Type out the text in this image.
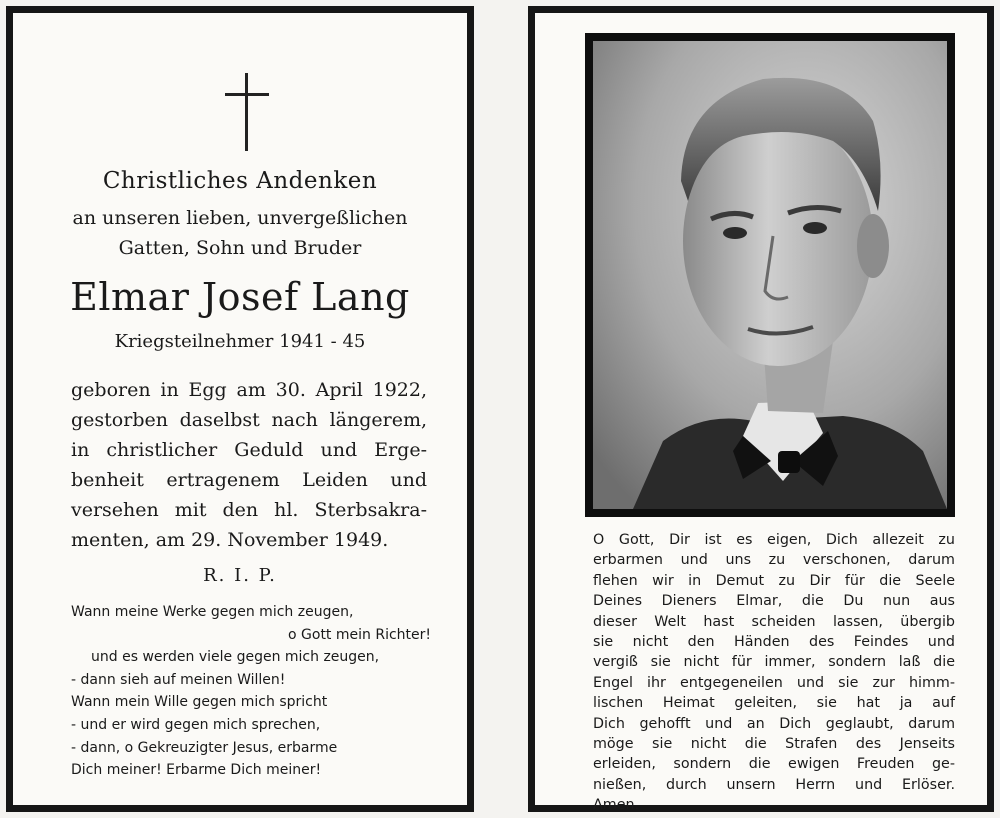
Christliches Andenken
an unseren lieben, unvergeßlichen
Gatten, Sohn und Bruder
Elmar Josef Lang
Kriegsteilnehmer 1941 - 45
geboren in Egg am 30. April 1922,
gestorben daselbst nach längerem,
in christlicher Geduld und Erge-
benheit ertragenem Leiden und
versehen mit den hl. Sterbsakra-
menten, am 29. November 1949.
R. I. P.
Wann meine Werke gegen mich zeugen,
o Gott mein Richter!
und es werden viele gegen mich zeugen,
- dann sieh auf meinen Willen!
Wann mein Wille gegen mich spricht
- und er wird gegen mich sprechen,
- dann, o Gekreuzigter Jesus, erbarme
Dich meiner! Erbarme Dich meiner!
O Gott, Dir ist es eigen, Dich allezeit zu
erbarmen und uns zu verschonen, darum
flehen wir in Demut zu Dir für die Seele
Deines Dieners Elmar, die Du nun aus
dieser Welt hast scheiden lassen, übergib
sie nicht den Händen des Feindes und
vergiß sie nicht für immer, sondern laß die
Engel ihr entgegeneilen und sie zur himm-
lischen Heimat geleiten, sie hat ja auf
Dich gehofft und an Dich geglaubt, darum
möge sie nicht die Strafen des Jenseits
erleiden, sondern die ewigen Freuden ge-
nießen, durch unsern Herrn und Erlöser.
Amen.
